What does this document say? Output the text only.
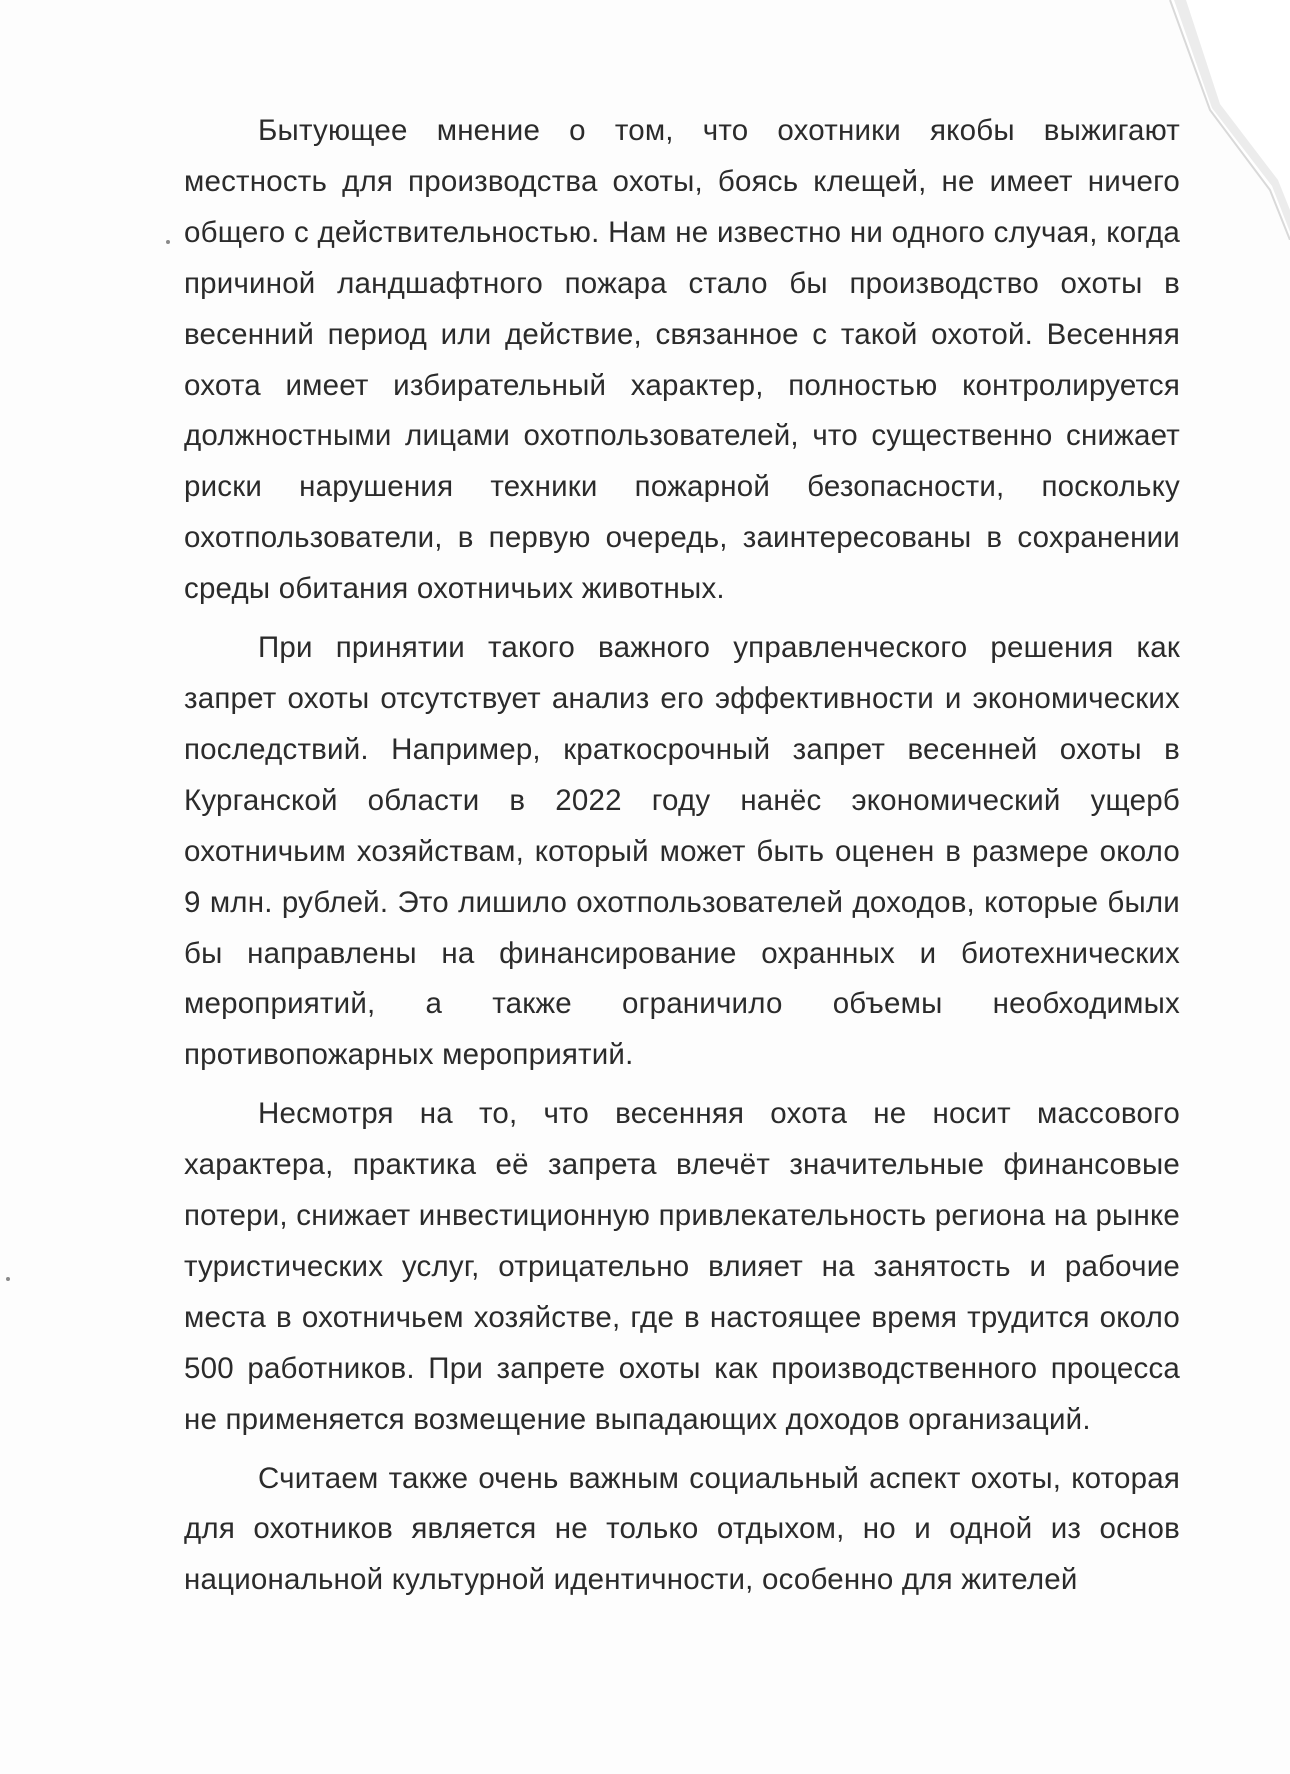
Бытующее мнение о том, что охотники якобы выжигают местность для производства охоты, боясь клещей, не имеет ничего общего с действительностью. Нам не известно ни одного случая, когда причиной ландшафтного пожара стало бы производство охоты в весенний период или действие, связанное с такой охотой. Весенняя охота имеет избирательный характер, полностью контролируется должностными лицами охотпользователей, что существенно снижает риски нарушения техники пожарной безопасности, поскольку охотпользователи, в первую очередь, заинтересованы в сохранении среды обитания охотничьих животных.

При принятии такого важного управленческого решения как запрет охоты отсутствует анализ его эффективности и экономических последствий. Например, краткосрочный запрет весенней охоты в Курганской области в 2022 году нанёс экономический ущерб охотничьим хозяйствам, который может быть оценен в размере около 9 млн. рублей. Это лишило охотпользователей доходов, которые были бы направлены на финансирование охранных и биотехнических мероприятий, а также ограничило объемы необходимых противопожарных мероприятий.

Несмотря на то, что весенняя охота не носит массового характера, практика её запрета влечёт значительные финансовые потери, снижает инвестиционную привлекательность региона на рынке туристических услуг, отрицательно влияет на занятость и рабочие места в охотничьем хозяйстве, где в настоящее время трудится около 500 работников. При запрете охоты как производственного процесса не применяется возмещение выпадающих доходов организаций.

Считаем также очень важным социальный аспект охоты, которая для охотников является не только отдыхом, но и одной из основ национальной культурной идентичности, особенно для жителей
